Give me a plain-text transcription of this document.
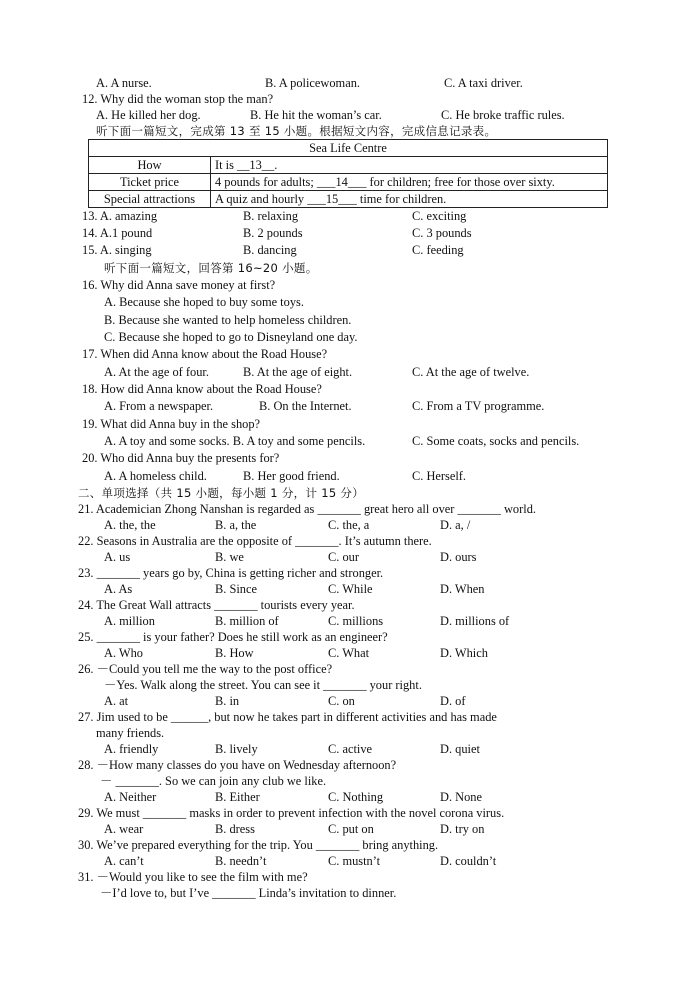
A. A nurse.	B. A policewoman.	C. A taxi driver.
12. Why did the woman stop the man?
A. He killed her dog.	B. He hit the woman’s car.	C. He broke traffic rules.
听下面一篇短文，完成第 13 至 15 小题。根据短文内容，完成信息记录表。
Sea Life Centre	
How	It is __13__.
Ticket price	4 pounds for adults; ___14___ for children; free for those over sixty.
Special attractions	A quiz and hourly ___15___ time for children.
13. A. amazing	B. relaxing	C. exciting
14. A.1 pound	B. 2 pounds	C. 3 pounds
15. A. singing	B. dancing	C. feeding
听下面一篇短文，回答第 16~20 小题。
16. Why did Anna save money at first?
A. Because she hoped to buy some toys.
B. Because she wanted to help homeless children.
C. Because she hoped to go to Disneyland one day.
17. When did Anna know about the Road House?
A. At the age of four.	B. At the age of eight.	C. At the age of twelve.
18. How did Anna know about the Road House?
A. From a newspaper.	B. On the Internet.	C. From a TV programme.
19. What did Anna buy in the shop?
A. A toy and some socks. B. A toy and some pencils.	C. Some coats, socks and pencils.
20. Who did Anna buy the presents for?
A. A homeless child.	B. Her good friend.	C. Herself.
二、单项选择（共 15 小题，每小题 1 分，计 15 分）
21. Academician Zhong Nanshan is regarded as _______ great hero all over _______ world.
A. the, the	B. a, the	C. the, a	D. a, /
22. Seasons in Australia are the opposite of _______. It’s autumn there.
A. us	B. we	C. our	D. ours
23. _______ years go by, China is getting richer and stronger.
A. As	B. Since	C. While	D. When
24. The Great Wall attracts _______ tourists every year.
A. million	B. million of	C. millions	D. millions of
25. _______ is your father? Does he still work as an engineer?
A. Who	B. How	C. What	D. Which
26. －Could you tell me the way to the post office?
－Yes. Walk along the street. You can see it _______ your right.
A. at	B. in	C. on	D. of
27. Jim used to be ______, but now he takes part in different activities and has made
many friends.
A. friendly	B. lively	C. active	D. quiet
28. －How many classes do you have on Wednesday afternoon?
－ _______. So we can join any club we like.
A. Neither	B. Either	C. Nothing	D. None
29. We must _______ masks in order to prevent infection with the novel corona virus.
A. wear	B. dress	C. put on	D. try on
30. We’ve prepared everything for the trip. You _______ bring anything.
A. can’t	B. needn’t	C. mustn’t	D. couldn’t
31. －Would you like to see the film with me?
－I’d love to, but I’ve _______ Linda’s invitation to dinner.
